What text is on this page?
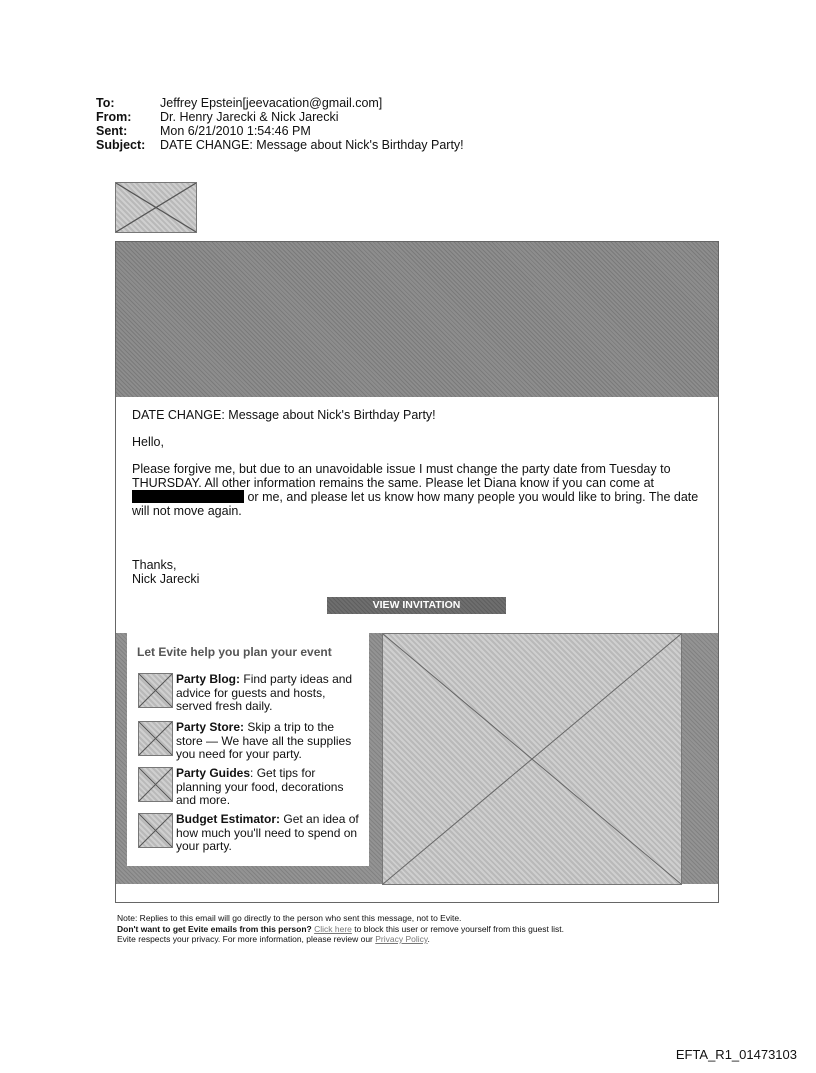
To:	Jeffrey Epstein[jeevacation@gmail.com]
From:	Dr. Henry Jarecki & Nick Jarecki
Sent:	Mon 6/21/2010 1:54:46 PM
Subject:	DATE CHANGE: Message about Nick's Birthday Party!
DATE CHANGE: Message about Nick's Birthday Party!
Hello,
Please forgive me, but due to an unavoidable issue I must change the party date from Tuesday to THURSDAY. All other information remains the same. Please let Diana know if you can come at  or me, and please let us know how many people you would like to bring. The date will not move again.
Thanks,
Nick Jarecki
VIEW INVITATION
Let Evite help you plan your event
Party Blog: Find party ideas and advice for guests and hosts, served fresh daily.
Party Store: Skip a trip to the store — We have all the supplies you need for your party.
Party Guides: Get tips for planning your food, decorations and more.
Budget Estimator: Get an idea of how much you'll need to spend on your party.
Note: Replies to this email will go directly to the person who sent this message, not to Evite.
Don't want to get Evite emails from this person? Click here to block this user or remove yourself from this guest list.
Evite respects your privacy. For more information, please review our Privacy Policy.
EFTA_R1_01473103
